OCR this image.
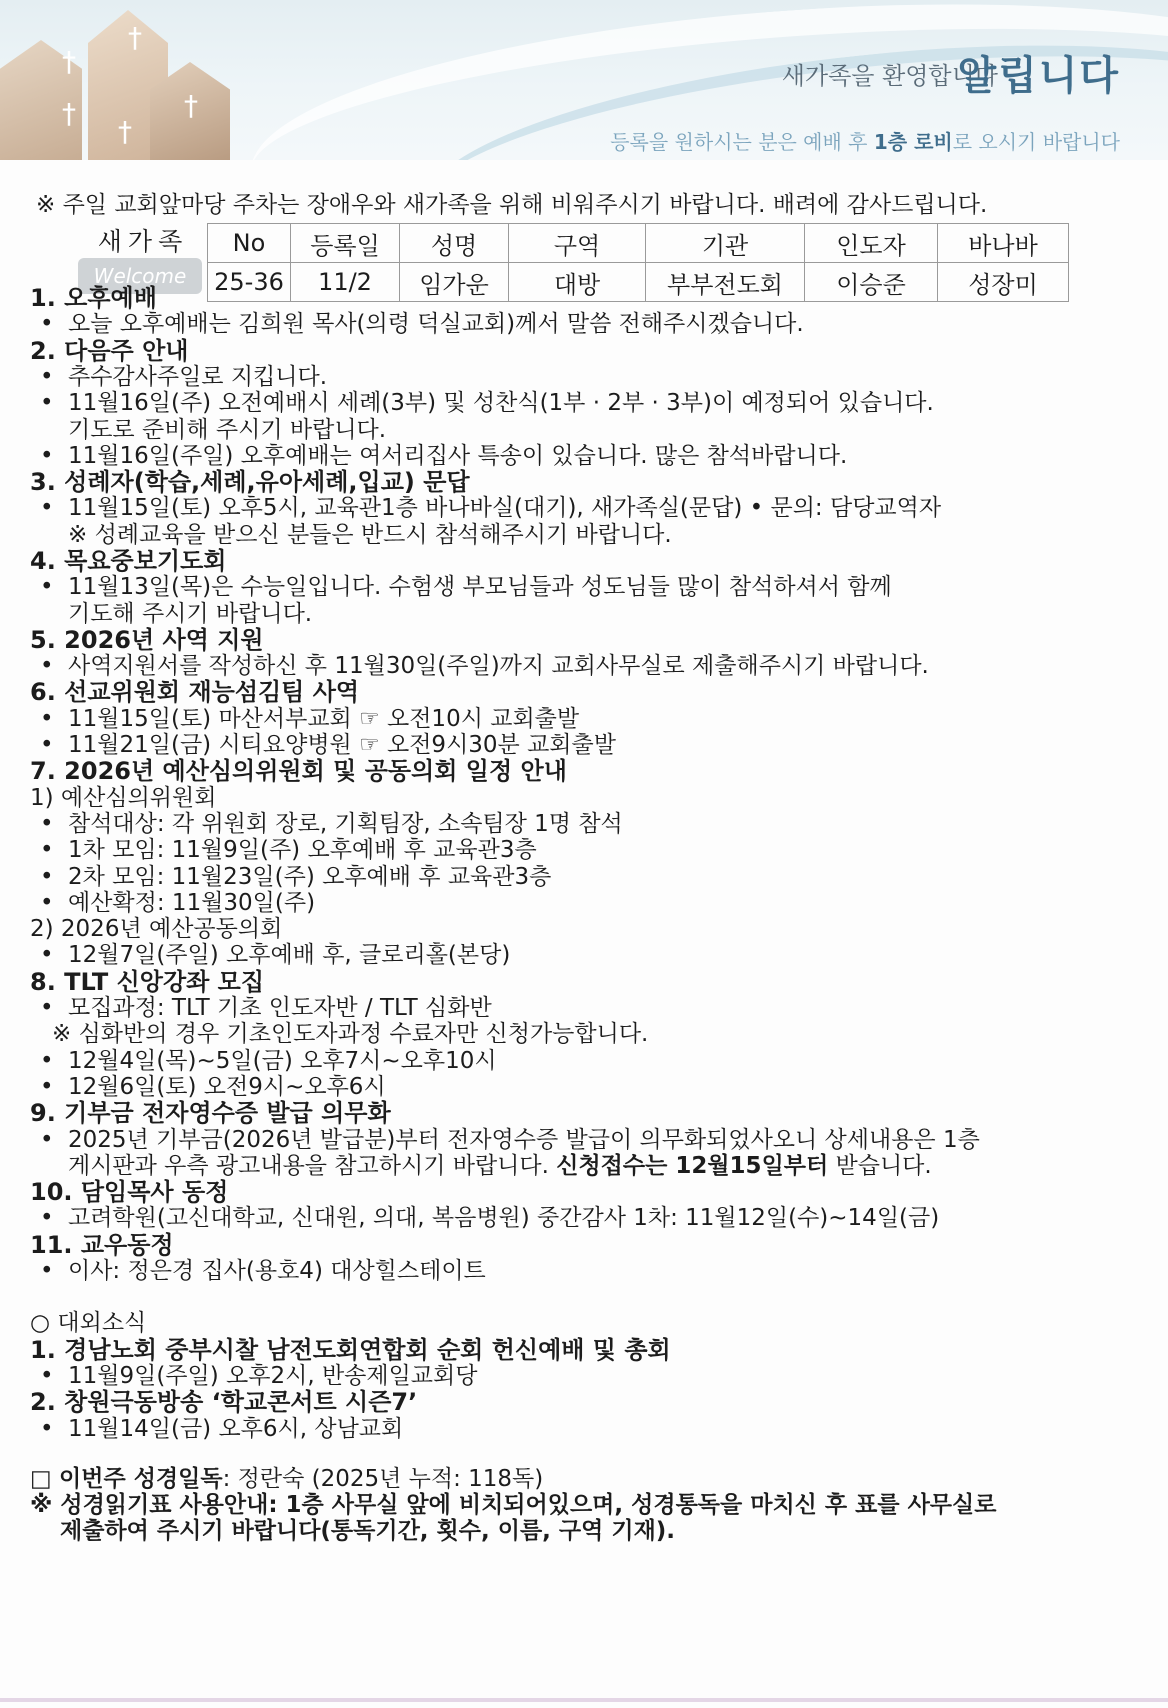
†
†
†
†
†
새가족을 환영합니다
알립니다
등록을 원하시는 분은 예배 후 1층 로비로 오시기 바랍니다
※ 주일 교회앞마당 주차는 장애우와 새가족을 위해 비워주시기 바랍니다. 배려에 감사드립니다.
새가족
Welcome
No	등록일	성명	구역	기관	인도자	바나바
25-36	11/2	임가운	대방	부부전도회	이승준	성장미
1. 오후예배
• 오늘 오후예배는 김희원 목사(의령 덕실교회)께서 말씀 전해주시겠습니다.
2. 다음주 안내
• 추수감사주일로 지킵니다.
• 11월16일(주) 오전예배시 세례(3부) 및 성찬식(1부 · 2부 · 3부)이 예정되어 있습니다.
기도로 준비해 주시기 바랍니다.
• 11월16일(주일) 오후예배는 여서리집사 특송이 있습니다. 많은 참석바랍니다.
3. 성례자(학습,세례,유아세례,입교) 문답
• 11월15일(토) 오후5시, 교육관1층 바나바실(대기), 새가족실(문답) • 문의: 담당교역자
※ 성례교육을 받으신 분들은 반드시 참석해주시기 바랍니다.
4. 목요중보기도회
• 11월13일(목)은 수능일입니다. 수험생 부모님들과 성도님들 많이 참석하셔서 함께
기도해 주시기 바랍니다.
5. 2026년 사역 지원
• 사역지원서를 작성하신 후 11월30일(주일)까지 교회사무실로 제출해주시기 바랍니다.
6. 선교위원회 재능섬김팀 사역
• 11월15일(토) 마산서부교회 ☞ 오전10시 교회출발
• 11월21일(금) 시티요양병원 ☞ 오전9시30분 교회출발
7. 2026년 예산심의위원회 및 공동의회 일정 안내
1) 예산심의위원회
• 참석대상: 각 위원회 장로, 기획팀장, 소속팀장 1명 참석
• 1차 모임: 11월9일(주) 오후예배 후 교육관3층
• 2차 모임: 11월23일(주) 오후예배 후 교육관3층
• 예산확정: 11월30일(주)
2) 2026년 예산공동의회
• 12월7일(주일) 오후예배 후, 글로리홀(본당)
8. TLT 신앙강좌 모집
• 모집과정: TLT 기초 인도자반 / TLT 심화반
※ 심화반의 경우 기초인도자과정 수료자만 신청가능합니다.
• 12월4일(목)~5일(금) 오후7시~오후10시
• 12월6일(토) 오전9시~오후6시
9. 기부금 전자영수증 발급 의무화
• 2025년 기부금(2026년 발급분)부터 전자영수증 발급이 의무화되었사오니 상세내용은 1층
게시판과 우측 광고내용을 참고하시기 바랍니다. 신청접수는 12월15일부터 받습니다.
10. 담임목사 동정
• 고려학원(고신대학교, 신대원, 의대, 복음병원) 중간감사 1차: 11월12일(수)~14일(금)
11. 교우동정
• 이사: 정은경 집사(용호4) 대상힐스테이트
○ 대외소식
1. 경남노회 중부시찰 남전도회연합회 순회 헌신예배 및 총회
• 11월9일(주일) 오후2시, 반송제일교회당
2. 창원극동방송 ‘학교콘서트 시즌7’
• 11월14일(금) 오후6시, 상남교회
□ 이번주 성경일독: 정란숙 (2025년 누적: 118독)
※ 성경읽기표 사용안내: 1층 사무실 앞에 비치되어있으며, 성경통독을 마치신 후 표를 사무실로
제출하여 주시기 바랍니다(통독기간, 횟수, 이름, 구역 기재).
